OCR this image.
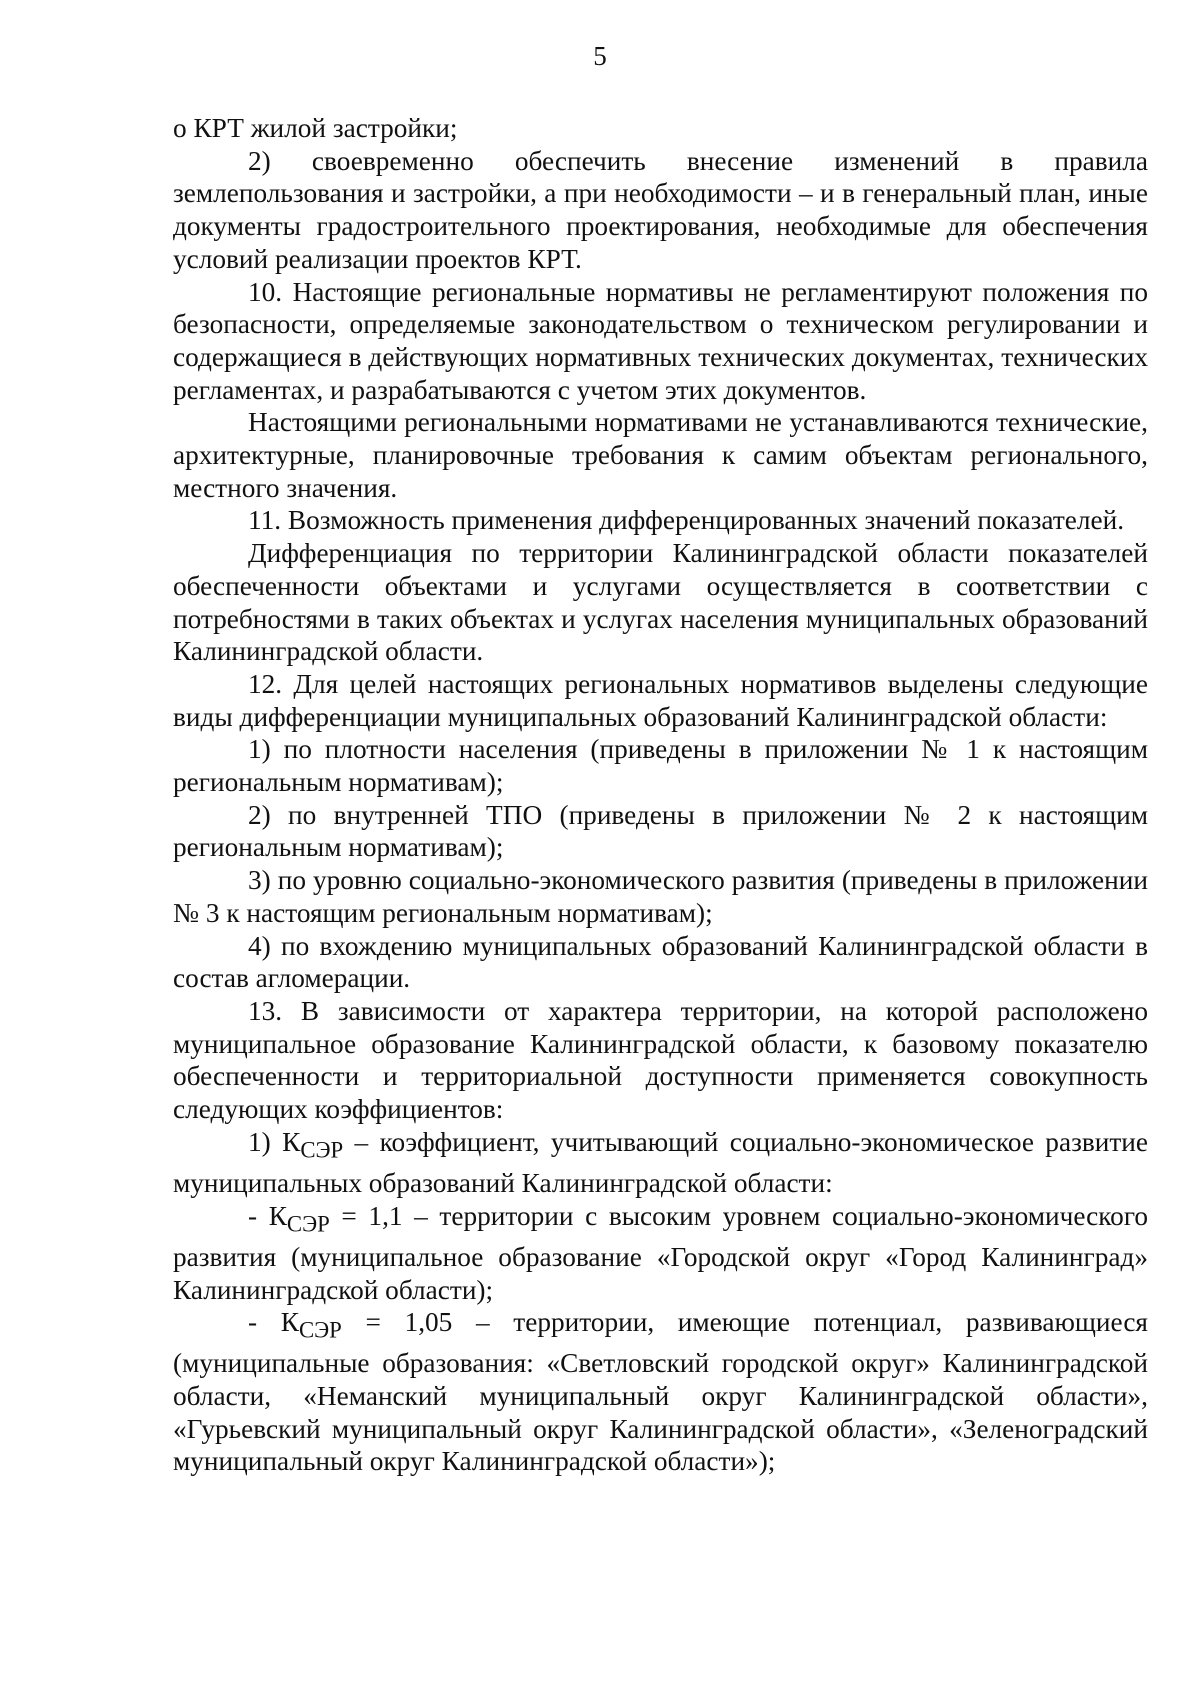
5

о КРТ жилой застройки;

2) своевременно обеспечить внесение изменений в правила землепользования и застройки, а при необходимости – и в генеральный план, иные документы градостроительного проектирования, необходимые для обеспечения условий реализации проектов КРТ.

10. Настоящие региональные нормативы не регламентируют положения по безопасности, определяемые законодательством о техническом регулировании и содержащиеся в действующих нормативных технических документах, технических регламентах, и разрабатываются с учетом этих документов.

Настоящими региональными нормативами не устанавливаются технические, архитектурные, планировочные требования к самим объектам регионального, местного значения.

11. Возможность применения дифференцированных значений показателей.

Дифференциация по территории Калининградской области показателей обеспеченности объектами и услугами осуществляется в соответствии с потребностями в таких объектах и услугах населения муниципальных образований Калининградской области.

12. Для целей настоящих региональных нормативов выделены следующие виды дифференциации муниципальных образований Калининградской области:

1) по плотности населения (приведены в приложении № 1 к настоящим региональным нормативам);

2) по внутренней ТПО (приведены в приложении № 2 к настоящим региональным нормативам);

3) по уровню социально-экономического развития (приведены в приложении № 3 к настоящим региональным нормативам);

4) по вхождению муниципальных образований Калининградской области в состав агломерации.

13. В зависимости от характера территории, на которой расположено муниципальное образование Калининградской области, к базовому показателю обеспеченности и территориальной доступности применяется совокупность следующих коэффициентов:

1) $К_{СЭР}$ – коэффициент, учитывающий социально-экономическое развитие муниципальных образований Калининградской области:

- $К_{СЭР} = 1,1$ – территории с высоким уровнем социально-экономического развития (муниципальное образование «Городской округ «Город Калининград» Калининградской области);

- $К_{СЭР} = 1,05$ – территории, имеющие потенциал, развивающиеся (муниципальные образования: «Светловский городской округ» Калининградской области, «Неманский муниципальный округ Калининградской области», «Гурьевский муниципальный округ Калининградской области», «Зеленоградский муниципальный округ Калининградской области»);
